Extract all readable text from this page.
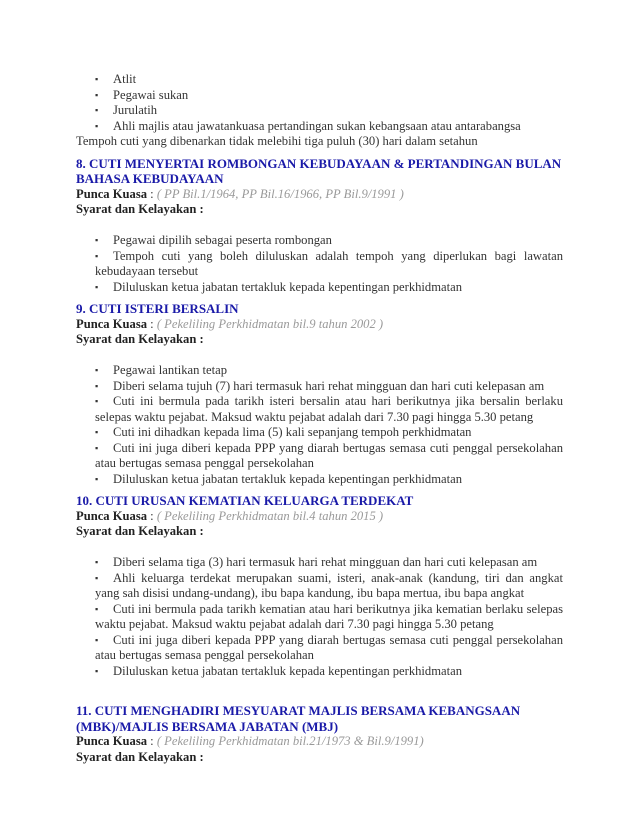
▪ Atlit
▪ Pegawai sukan
▪ Jurulatih
▪ Ahli majlis atau jawatankuasa pertandingan sukan kebangsaan atau antarabangsa
Tempoh cuti yang dibenarkan tidak melebihi tiga puluh (30) hari dalam setahun
8. CUTI MENYERTAI ROMBONGAN KEBUDAYAAN & PERTANDINGAN BULAN BAHASA KEBUDAYAAN
Punca Kuasa : ( PP Bil.1/1964, PP Bil.16/1966, PP Bil.9/1991 )
Syarat dan Kelayakan :
▪ Pegawai dipilih sebagai peserta rombongan
▪ Tempoh cuti yang boleh diluluskan adalah tempoh yang diperlukan bagi lawatan kebudayaan tersebut
▪ Diluluskan ketua jabatan tertakluk kepada kepentingan perkhidmatan
9. CUTI ISTERI BERSALIN
Punca Kuasa : ( Pekeliling Perkhidmatan bil.9 tahun 2002 )
Syarat dan Kelayakan :
▪ Pegawai lantikan tetap
▪ Diberi selama tujuh (7) hari termasuk hari rehat mingguan dan hari cuti kelepasan am
▪ Cuti ini bermula pada tarikh isteri bersalin atau hari berikutnya jika bersalin berlaku selepas waktu pejabat. Maksud waktu pejabat adalah dari 7.30 pagi hingga 5.30 petang
▪ Cuti ini dihadkan kepada lima (5) kali sepanjang tempoh perkhidmatan
▪ Cuti ini juga diberi kepada PPP yang diarah bertugas semasa cuti penggal persekolahan atau bertugas semasa penggal persekolahan
▪ Diluluskan ketua jabatan tertakluk kepada kepentingan perkhidmatan
10. CUTI URUSAN KEMATIAN KELUARGA TERDEKAT
Punca Kuasa : ( Pekeliling Perkhidmatan bil.4 tahun 2015 )
Syarat dan Kelayakan :
▪ Diberi selama tiga (3) hari termasuk hari rehat mingguan dan hari cuti kelepasan am
▪ Ahli keluarga terdekat merupakan suami, isteri, anak-anak (kandung, tiri dan angkat yang sah disisi undang-undang), ibu bapa kandung, ibu bapa mertua, ibu bapa angkat
▪ Cuti ini bermula pada tarikh kematian atau hari berikutnya jika kematian berlaku selepas waktu pejabat. Maksud waktu pejabat adalah dari 7.30 pagi hingga 5.30 petang
▪ Cuti ini juga diberi kepada PPP yang diarah bertugas semasa cuti penggal persekolahan atau bertugas semasa penggal persekolahan
▪ Diluluskan ketua jabatan tertakluk kepada kepentingan perkhidmatan
11. CUTI MENGHADIRI MESYUARAT MAJLIS BERSAMA KEBANGSAAN (MBK)/MAJLIS BERSAMA JABATAN (MBJ)
Punca Kuasa : ( Pekeliling Perkhidmatan bil.21/1973 & Bil.9/1991)
Syarat dan Kelayakan :
